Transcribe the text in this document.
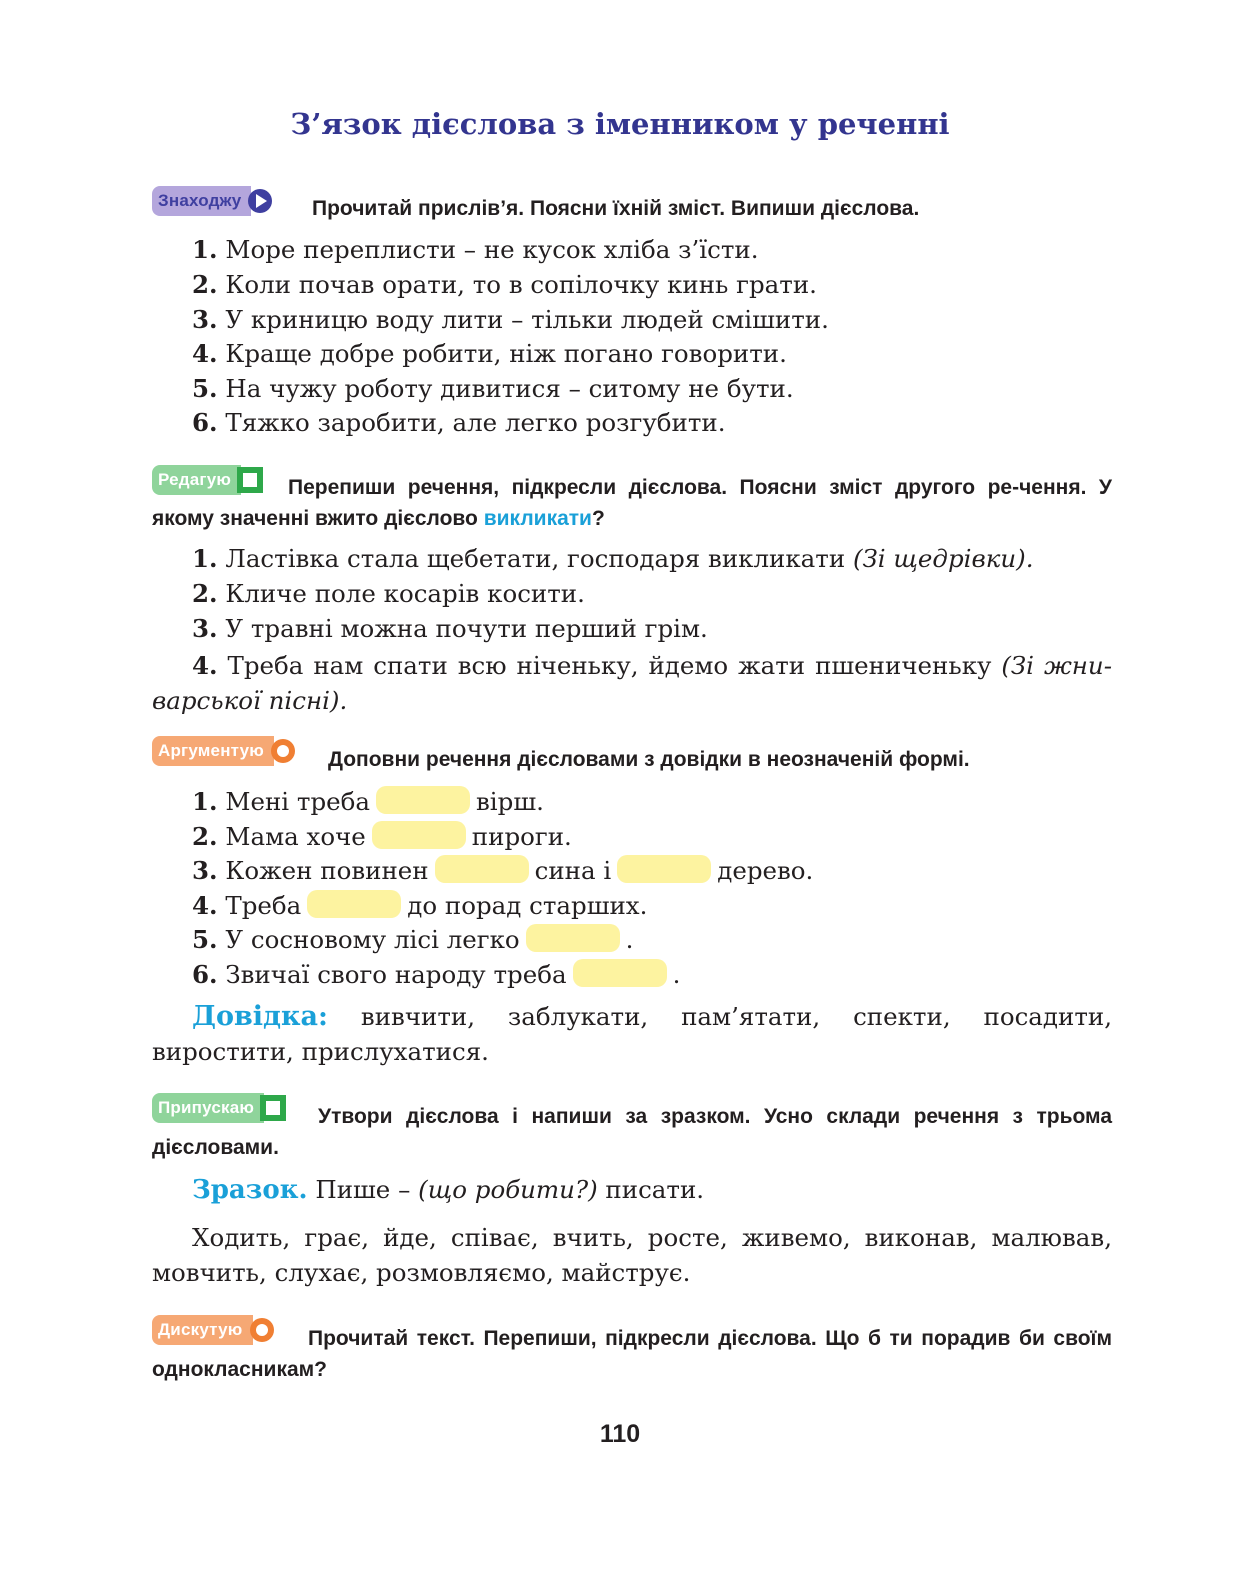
З’язок дієслова з іменником у реченні
Знаходжу	Прочитай прислів’я. Поясни їхній зміст. Випиши дієслова.
1. Море переплисти – не кусок хліба з’їсти.
2. Коли почав орати, то в сопілочку кинь грати.
3. У криницю воду лити – тільки людей смішити.
4. Краще добре робити, ніж погано говорити.
5. На чужу роботу дивитися – ситому не бути.
6. Тяжко заробити, але легко розгубити.
Редагую	Перепиши речення, підкресли дієслова. Поясни зміст другого ре-чення. У якому значенні вжито дієслово викликати?
1. Ластівка стала щебетати, господаря викликати (Зі щедрівки).
2. Кличе поле косарів косити.
3. У травні можна почути перший грім.
4. Треба нам спати всю ніченьку, йдемо жати пшениченьку (Зі жни-варської пісні).
Аргументую	Доповни речення дієсловами з довідки в неозначеній формі.
1. Мені треба	вірш.
2. Мама хоче	пироги.
3. Кожен повинен	сина і	дерево.
4. Треба	до порад старших.
5. У сосновому лісі легко	.
6. Звичаї свого народу треба	.
Довідка: вивчити, заблукати, пам’ятати, спекти, посадити, виростити, прислухатися.
Припускаю	Утвори дієслова і напиши за зразком. Усно склади речення з трьома дієсловами.
Зразок. Пише – (що робити?) писати.
Ходить, грає, йде, співає, вчить, росте, живемо, виконав, малював, мовчить, слухає, розмовляємо, майструє.
Дискутую	Прочитай текст. Перепиши, підкресли дієслова. Що б ти порадив би своїм однокласникам?
110
